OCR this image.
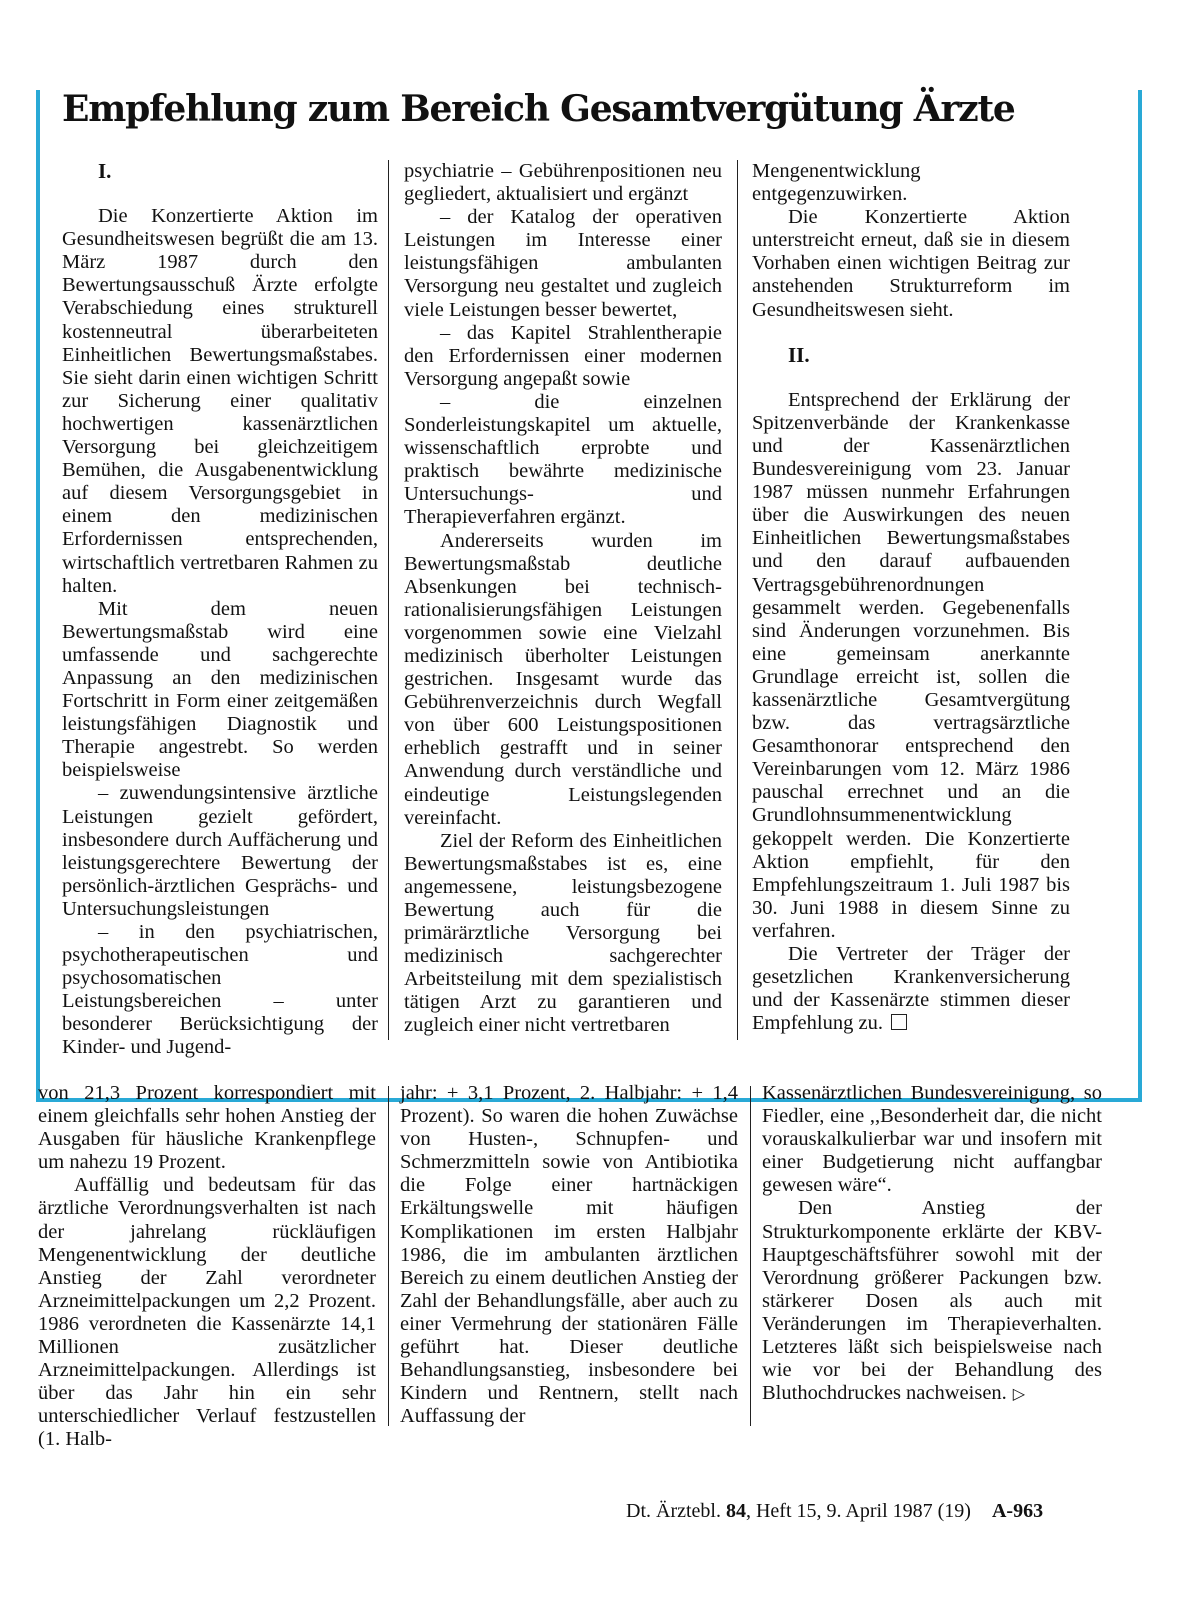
Empfehlung zum Bereich Gesamtvergütung Ärzte

I.

Die Konzertierte Aktion im Gesundheitswesen begrüßt die am 13. März 1987 durch den Bewertungsausschuß Ärzte erfolgte Verabschiedung eines strukturell kostenneutral überarbeiteten Einheitlichen Bewertungsmaßstabes. Sie sieht darin einen wichtigen Schritt zur Sicherung einer qualitativ hochwertigen kassenärztlichen Versorgung bei gleichzeitigem Bemühen, die Ausgabenentwicklung auf diesem Versorgungsgebiet in einem den medizinischen Erfordernissen entsprechenden, wirtschaftlich vertretbaren Rahmen zu halten.

Mit dem neuen Bewertungsmaßstab wird eine umfassende und sachgerechte Anpassung an den medizinischen Fortschritt in Form einer zeitgemäßen leistungsfähigen Diagnostik und Therapie angestrebt. So werden beispielsweise

– zuwendungsintensive ärztliche Leistungen gezielt gefördert, insbesondere durch Auffächerung und leistungsgerechtere Bewertung der persönlich-ärztlichen Gesprächs- und Untersuchungsleistungen

– in den psychiatrischen, psychotherapeutischen und psychosomatischen Leistungsbereichen – unter besonderer Berücksichtigung der Kinder- und Jugend-

psychiatrie – Gebührenpositionen neu gegliedert, aktualisiert und ergänzt

– der Katalog der operativen Leistungen im Interesse einer leistungsfähigen ambulanten Versorgung neu gestaltet und zugleich viele Leistungen besser bewertet,

– das Kapitel Strahlentherapie den Erfordernissen einer modernen Versorgung angepaßt sowie

– die einzelnen Sonderleistungskapitel um aktuelle, wissenschaftlich erprobte und praktisch bewährte medizinische Untersuchungs- und Therapieverfahren ergänzt.

Andererseits wurden im Bewertungsmaßstab deutliche Absenkungen bei technisch-rationalisierungsfähigen Leistungen vorgenommen sowie eine Vielzahl medizinisch überholter Leistungen gestrichen. Insgesamt wurde das Gebührenverzeichnis durch Wegfall von über 600 Leistungspositionen erheblich gestrafft und in seiner Anwendung durch verständliche und eindeutige Leistungslegenden vereinfacht.

Ziel der Reform des Einheitlichen Bewertungsmaßstabes ist es, eine angemessene, leistungsbezogene Bewertung auch für die primärärztliche Versorgung bei medizinisch sachgerechter Arbeitsteilung mit dem spezialistisch tätigen Arzt zu garantieren und zugleich einer nicht vertretbaren

Mengenentwicklung entgegenzuwirken.

Die Konzertierte Aktion unterstreicht erneut, daß sie in diesem Vorhaben einen wichtigen Beitrag zur anstehenden Strukturreform im Gesundheitswesen sieht.

II.

Entsprechend der Erklärung der Spitzenverbände der Krankenkasse und der Kassenärztlichen Bundesvereinigung vom 23. Januar 1987 müssen nunmehr Erfahrungen über die Auswirkungen des neuen Einheitlichen Bewertungsmaßstabes und den darauf aufbauenden Vertragsgebührenordnungen gesammelt werden. Gegebenenfalls sind Änderungen vorzunehmen. Bis eine gemeinsam anerkannte Grundlage erreicht ist, sollen die kassenärztliche Gesamtvergütung bzw. das vertragsärztliche Gesamthonorar entsprechend den Vereinbarungen vom 12. März 1986 pauschal errechnet und an die Grundlohnsummenentwicklung gekoppelt werden. Die Konzertierte Aktion empfiehlt, für den Empfehlungszeitraum 1. Juli 1987 bis 30. Juni 1988 in diesem Sinne zu verfahren.

Die Vertreter der Träger der gesetzlichen Krankenversicherung und der Kassenärzte stimmen dieser Empfehlung zu.

von 21,3 Prozent korrespondiert mit einem gleichfalls sehr hohen Anstieg der Ausgaben für häusliche Krankenpflege um nahezu 19 Prozent.

Auffällig und bedeutsam für das ärztliche Verordnungsverhalten ist nach der jahrelang rückläufigen Mengenentwicklung der deutliche Anstieg der Zahl verordneter Arzneimittelpackungen um 2,2 Prozent. 1986 verordneten die Kassenärzte 14,1 Millionen zusätzlicher Arzneimittelpackungen. Allerdings ist über das Jahr hin ein sehr unterschiedlicher Verlauf festzustellen (1. Halb-

jahr: + 3,1 Prozent, 2. Halbjahr: + 1,4 Prozent). So waren die hohen Zuwächse von Husten-, Schnupfen- und Schmerzmitteln sowie von Antibiotika die Folge einer hartnäckigen Erkältungswelle mit häufigen Komplikationen im ersten Halbjahr 1986, die im ambulanten ärztlichen Bereich zu einem deutlichen Anstieg der Zahl der Behandlungsfälle, aber auch zu einer Vermehrung der stationären Fälle geführt hat. Dieser deutliche Behandlungsanstieg, insbesondere bei Kindern und Rentnern, stellt nach Auffassung der

Kassenärztlichen Bundesvereinigung, so Fiedler, eine ,,Besonderheit dar, die nicht vorauskalkulierbar war und insofern mit einer Budgetierung nicht auffangbar gewesen wäre“.

Den Anstieg der Strukturkomponente erklärte der KBV-Hauptgeschäftsführer sowohl mit der Verordnung größerer Packungen bzw. stärkerer Dosen als auch mit Veränderungen im Therapieverhalten. Letzteres läßt sich beispielsweise nach wie vor bei der Behandlung des Bluthochdruckes nachweisen. ▷

Dt. Ärztebl. 84, Heft 15, 9. April 1987 (19) A-963
